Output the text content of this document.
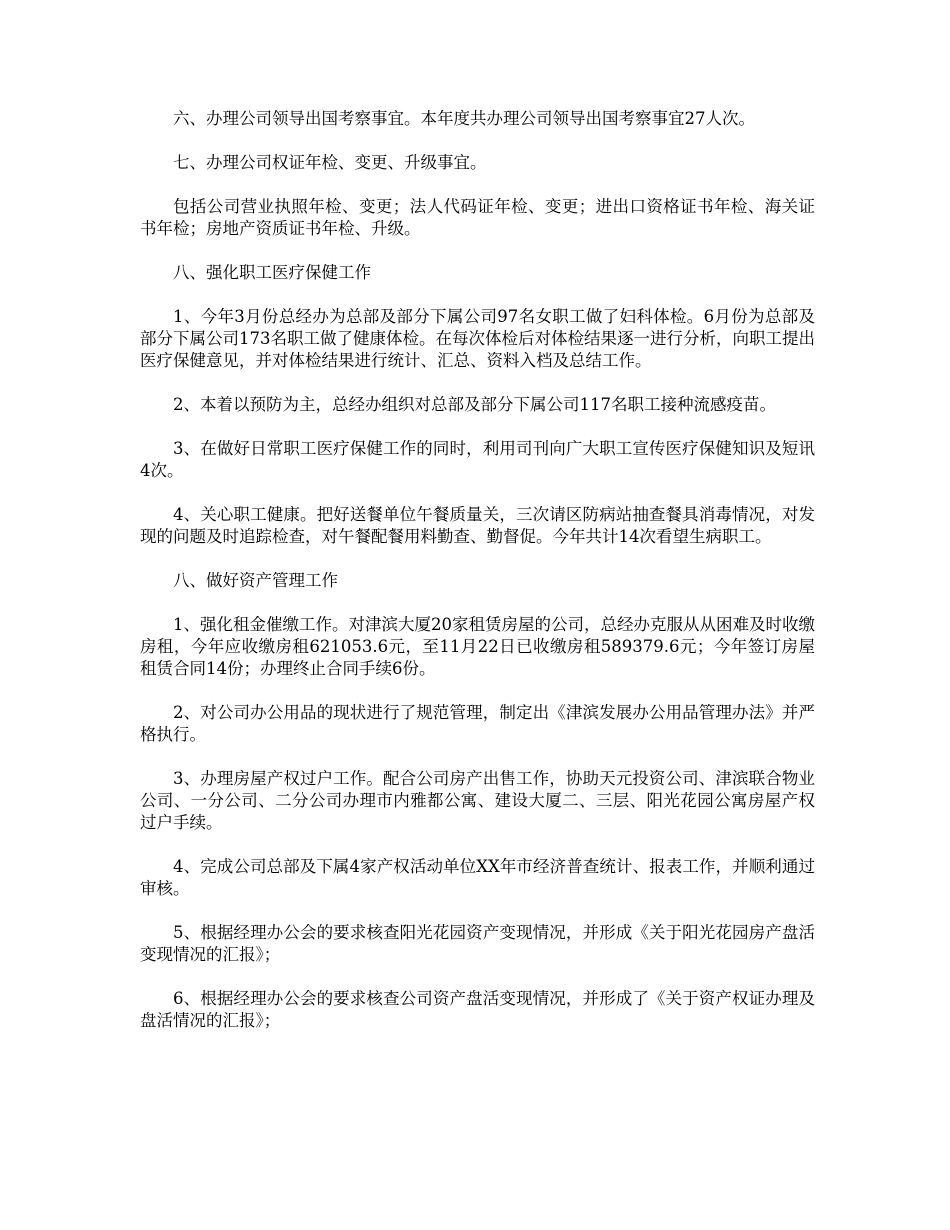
六、办理公司领导出国考察事宜。本年度共办理公司领导出国考察事宜27人次。

七、办理公司权证年检、变更、升级事宜。

包括公司营业执照年检、变更；法人代码证年检、变更；进出口资格证书年检、海关证书年检；房地产资质证书年检、升级。

八、强化职工医疗保健工作

1、今年3月份总经办为总部及部分下属公司97名女职工做了妇科体检。6月份为总部及部分下属公司173名职工做了健康体检。在每次体检后对体检结果逐一进行分析，向职工提出医疗保健意见，并对体检结果进行统计、汇总、资料入档及总结工作。

2、本着以预防为主，总经办组织对总部及部分下属公司117名职工接种流感疫苗。

3、在做好日常职工医疗保健工作的同时，利用司刊向广大职工宣传医疗保健知识及短讯4次。

4、关心职工健康。把好送餐单位午餐质量关，三次请区防病站抽查餐具消毒情况，对发现的问题及时追踪检查，对午餐配餐用料勤查、勤督促。今年共计14次看望生病职工。

八、做好资产管理工作

1、强化租金催缴工作。对津滨大厦20家租赁房屋的公司，总经办克服从从困难及时收缴房租，今年应收缴房租621053.6元，至11月22日已收缴房租589379.6元；今年签订房屋租赁合同14份；办理终止合同手续6份。

2、对公司办公用品的现状进行了规范管理，制定出《津滨发展办公用品管理办法》并严格执行。

3、办理房屋产权过户工作。配合公司房产出售工作，协助天元投资公司、津滨联合物业公司、一分公司、二分公司办理市内雅都公寓、建设大厦二、三层、阳光花园公寓房屋产权过户手续。

4、完成公司总部及下属4家产权活动单位XX年市经济普查统计、报表工作，并顺利通过审核。

5、根据经理办公会的要求核查阳光花园资产变现情况，并形成《关于阳光花园房产盘活变现情况的汇报》；

6、根据经理办公会的要求核查公司资产盘活变现情况，并形成了《关于资产权证办理及盘活情况的汇报》；
